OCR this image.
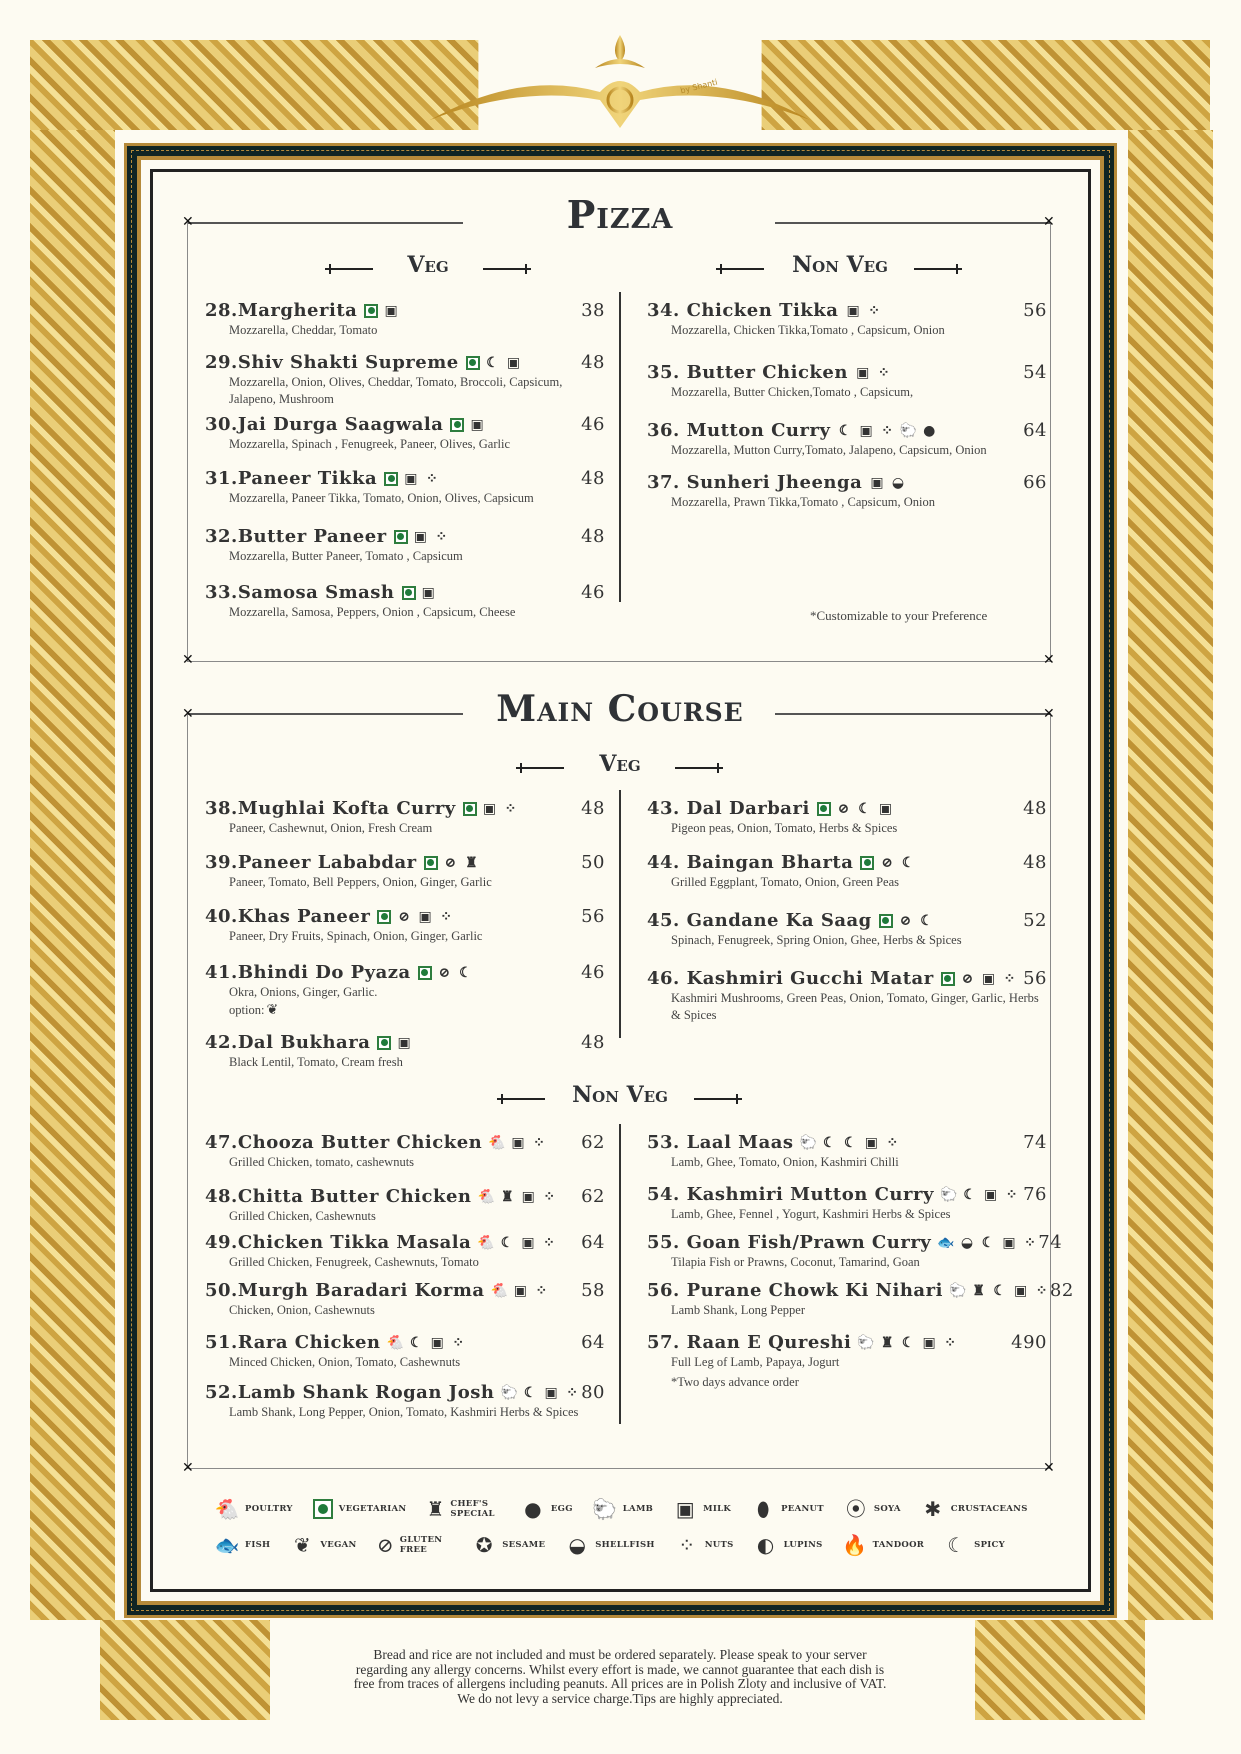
by Shanti
✕	✕
✕	✕
Pizza
Veg	Non Veg
*Customizable to your Preference
✕	✕
✕	✕
Main Course
Veg
Non Veg
🐔 POULTRY	VEGETARIAN ♜ CHEF'S SPECIAL	●	EGG 🐑 LAMB ▣ MILK ⬮	PEANUT ⦿ SOYA ✱	CRUSTACEANS
🐟 FISH ❦	VEGAN ⊘ GLUTEN FREE	✪	SESAME ◒	SHELLFISH ⁘	NUTS ◐	LUPINS 🔥 TANDOOR ☾	SPICY
Bread and rice are not included and must be ordered separately. Please speak to your server
regarding any allergy concerns. Whilst every effort is made, we cannot guarantee that each dish is
free from traces of allergens including peanuts. All prices are in Polish Zloty and inclusive of VAT.
We do not levy a service charge.Tips are highly appreciated.
28.Margherita ▣	38
Mozzarella, Cheddar, Tomato
29.Shiv Shakti Supreme ☾ ▣	48
Mozzarella, Onion, Olives, Cheddar, Tomato, Broccoli, Capsicum, Jalapeno, Mushroom
30.Jai Durga Saagwala ▣	46
Mozzarella, Spinach , Fenugreek, Paneer, Olives, Garlic
31.Paneer Tikka ▣ ⁘	48
Mozzarella, Paneer Tikka, Tomato, Onion, Olives, Capsicum
32.Butter Paneer ▣ ⁘	48
Mozzarella, Butter Paneer, Tomato , Capsicum
33.Samosa Smash ▣	46
Mozzarella, Samosa, Peppers, Onion , Capsicum, Cheese
34. Chicken Tikka ▣ ⁘	56
Mozzarella, Chicken Tikka,Tomato , Capsicum, Onion
35. Butter Chicken ▣ ⁘	54
Mozzarella, Butter Chicken,Tomato , Capsicum,
36. Mutton Curry ☾ ▣ ⁘ 🐑 ●	64
Mozzarella, Mutton Curry,Tomato, Jalapeno, Capsicum, Onion
37. Sunheri Jheenga ▣ ◒	66
Mozzarella, Prawn Tikka,Tomato , Capsicum, Onion
38.Mughlai Kofta Curry ▣ ⁘	48
Paneer, Cashewnut, Onion, Fresh Cream
39.Paneer Lababdar ⊘ ♜	50
Paneer, Tomato, Bell Peppers, Onion, Ginger, Garlic
40.Khas Paneer ⊘ ▣ ⁘	56
Paneer, Dry Fruits, Spinach, Onion, Ginger, Garlic
41.Bhindi Do Pyaza ⊘ ☾	46
Okra, Onions, Ginger, Garlic.
option: ❦
42.Dal Bukhara ▣	48
Black Lentil, Tomato, Cream fresh
43. Dal Darbari ⊘ ☾ ▣	48
Pigeon peas, Onion, Tomato, Herbs & Spices
44. Baingan Bharta ⊘ ☾	48
Grilled Eggplant, Tomato, Onion, Green Peas
45. Gandane Ka Saag ⊘ ☾	52
Spinach, Fenugreek, Spring Onion, Ghee, Herbs & Spices
46. Kashmiri Gucchi Matar ⊘ ▣ ⁘ 56
Kashmiri Mushrooms, Green Peas, Onion, Tomato, Ginger, Garlic, Herbs & Spices
47.Chooza Butter Chicken 🐔 ▣ ⁘ 62
Grilled Chicken, tomato, cashewnuts
48.Chitta Butter Chicken 🐔 ♜ ▣ ⁘ 62
Grilled Chicken, Cashewnuts
49.Chicken Tikka Masala 🐔 ☾ ▣ ⁘ 64
Grilled Chicken, Fenugreek, Cashewnuts, Tomato
50.Murgh Baradari Korma 🐔 ▣ ⁘ 58
Chicken, Onion, Cashewnuts
51.Rara Chicken 🐔 ☾ ▣ ⁘	64
Minced Chicken, Onion, Tomato, Cashewnuts
52.Lamb Shank Rogan Josh 🐑 ☾ ▣ ⁘ 80
Lamb Shank, Long Pepper, Onion, Tomato, Kashmiri Herbs & Spices
53. Laal Maas 🐑 ☾ ☾ ▣ ⁘	74
Lamb, Ghee, Tomato, Onion, Kashmiri Chilli
54. Kashmiri Mutton Curry 🐑 ☾ ▣ ⁘ 76
Lamb, Ghee, Fennel , Yogurt, Kashmiri Herbs & Spices
55. Goan Fish/Prawn Curry 🐟 ◒ ☾ ▣ ⁘ 74
Tilapia Fish or Prawns, Coconut, Tamarind, Goan
56. Purane Chowk Ki Nihari 🐑 ♜ ☾ ▣ ⁘ 82
Lamb Shank, Long Pepper
57. Raan E Qureshi 🐑 ♜ ☾ ▣ ⁘	490
Full Leg of Lamb, Papaya, Jogurt
*Two days advance order
